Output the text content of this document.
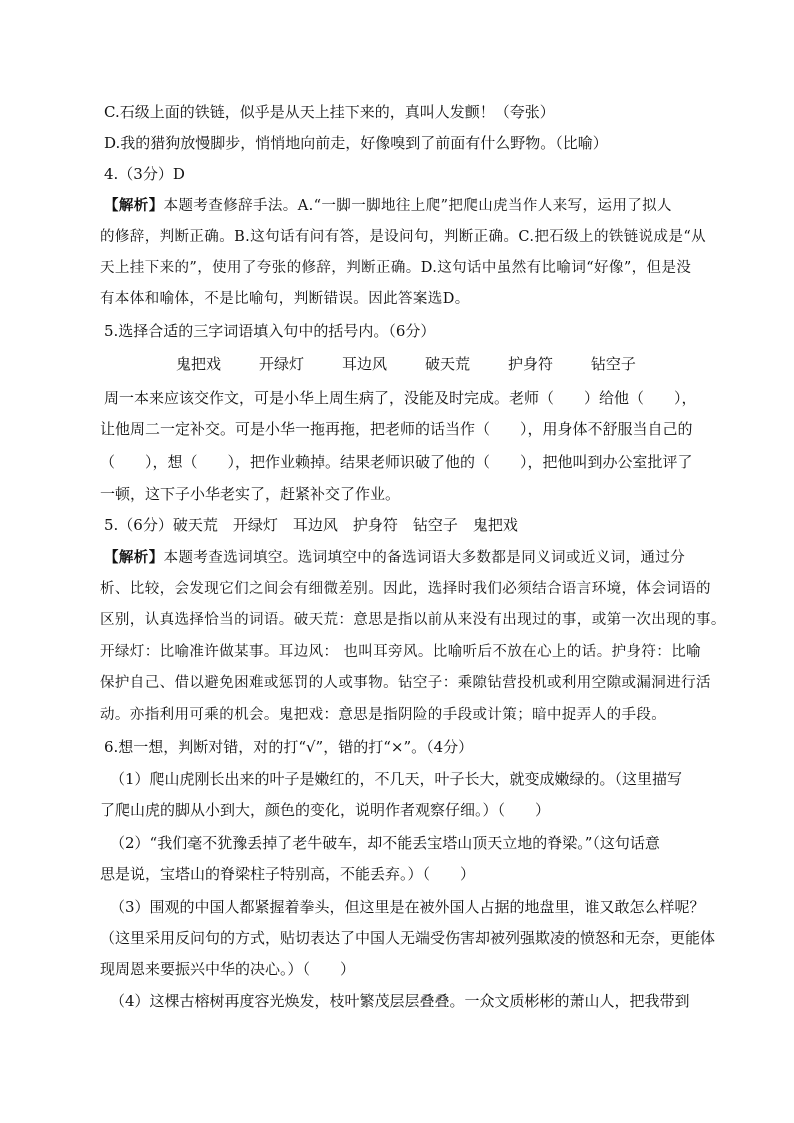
C.石级上面的铁链，似乎是从天上挂下来的，真叫人发颤！（夸张）
D.我的猎狗放慢脚步，悄悄地向前走，好像嗅到了前面有什么野物。（比喻）
4.（3分）D
【解析】本题考查修辞手法。A.“一脚一脚地往上爬”把爬山虎当作人来写，运用了拟人
的修辞，判断正确。B.这句话有问有答，是设问句，判断正确。C.把石级上的铁链说成是“从
天上挂下来的”，使用了夸张的修辞，判断正确。D.这句话中虽然有比喻词“好像”，但是没
有本体和喻体，不是比喻句，判断错误。因此答案选D。
5.选择合适的三字词语填入句中的括号内。（6分）
鬼把戏	开绿灯	耳边风	破天荒	护身符	钻空子
周一本来应该交作文，可是小华上周生病了，没能及时完成。老师（　　）给他（　　），
让他周二一定补交。可是小华一拖再拖，把老师的话当作（　　），用身体不舒服当自己的
（　　），想（　　），把作业赖掉。结果老师识破了他的（　　），把他叫到办公室批评了
一顿，这下子小华老实了，赶紧补交了作业。
5.（6分）破天荒　开绿灯　耳边风　护身符　钻空子　鬼把戏
【解析】本题考查选词填空。选词填空中的备选词语大多数都是同义词或近义词，通过分
析、比较，会发现它们之间会有细微差别。因此，选择时我们必须结合语言环境，体会词语的
区别，认真选择恰当的词语。破天荒：意思是指以前从来没有出现过的事，或第一次出现的事。
开绿灯：比喻准许做某事。耳边风： 也叫耳旁风。比喻听后不放在心上的话。护身符：比喻
保护自己、借以避免困难或惩罚的人或事物。钻空子：乘隙钻营投机或利用空隙或漏洞进行活
动。亦指利用可乘的机会。鬼把戏：意思是指阴险的手段或计策；暗中捉弄人的手段。
6.想一想，判断对错，对的打“√”，错的打“×”。（4分）
（1）爬山虎刚长出来的叶子是嫩红的，不几天，叶子长大，就变成嫩绿的。（这里描写
了爬山虎的脚从小到大，颜色的变化，说明作者观察仔细。）（　　）
（2）“我们毫不犹豫丢掉了老牛破车，却不能丢宝塔山顶天立地的脊梁。”（这句话意
思是说，宝塔山的脊梁柱子特别高，不能丢弃。）（　　）
（3）围观的中国人都紧握着拳头，但这里是在被外国人占据的地盘里，谁又敢怎么样呢？
（这里采用反问句的方式，贴切表达了中国人无端受伤害却被列强欺凌的愤怒和无奈，更能体
现周恩来要振兴中华的决心。）（　　）
（4）这棵古榕树再度容光焕发，枝叶繁茂层层叠叠。一众文质彬彬的萧山人，把我带到
